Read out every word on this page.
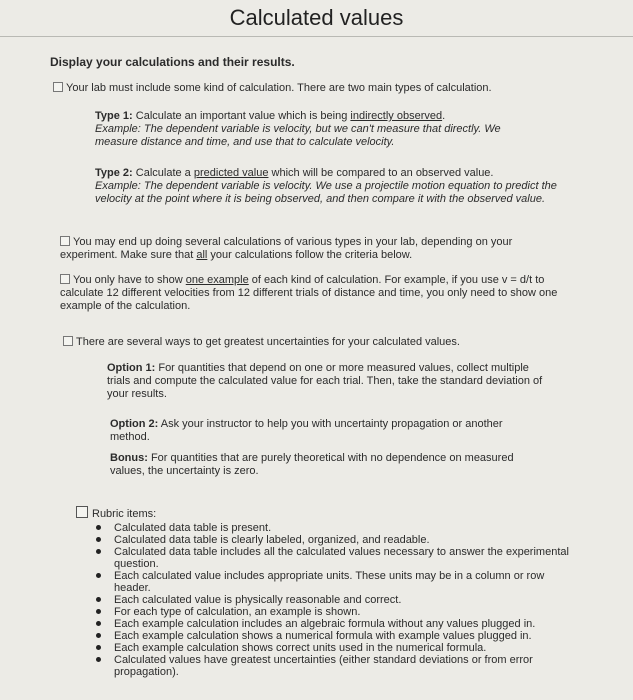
Calculated values

Display your calculations and their results.

Your lab must include some kind of calculation. There are two main types of calculation.

Type 1: Calculate an important value which is being indirectly observed.

Example: The dependent variable is velocity, but we can't measure that directly. We measure distance and time, and use that to calculate velocity.

Type 2: Calculate a predicted value which will be compared to an observed value.

Example: The dependent variable is velocity. We use a projectile motion equation to predict the velocity at the point where it is being observed, and then compare it with the observed value.

You may end up doing several calculations of various types in your lab, depending on your experiment. Make sure that all your calculations follow the criteria below.

You only have to show one example of each kind of calculation. For example, if you use v = d/t to calculate 12 different velocities from 12 different trials of distance and time, you only need to show one example of the calculation.

There are several ways to get greatest uncertainties for your calculated values.

Option 1: For quantities that depend on one or more measured values, collect multiple trials and compute the calculated value for each trial. Then, take the standard deviation of your results.

Option 2: Ask your instructor to help you with uncertainty propagation or another method.

Bonus: For quantities that are purely theoretical with no dependence on measured values, the uncertainty is zero.

Rubric items:

Calculated data table is present.
Calculated data table is clearly labeled, organized, and readable.
Calculated data table includes all the calculated values necessary to answer the experimental question.
Each calculated value includes appropriate units. These units may be in a column or row header.
Each calculated value is physically reasonable and correct.
For each type of calculation, an example is shown.
Each example calculation includes an algebraic formula without any values plugged in.
Each example calculation shows a numerical formula with example values plugged in.
Each example calculation shows correct units used in the numerical formula.
Calculated values have greatest uncertainties (either standard deviations or from error propagation).
